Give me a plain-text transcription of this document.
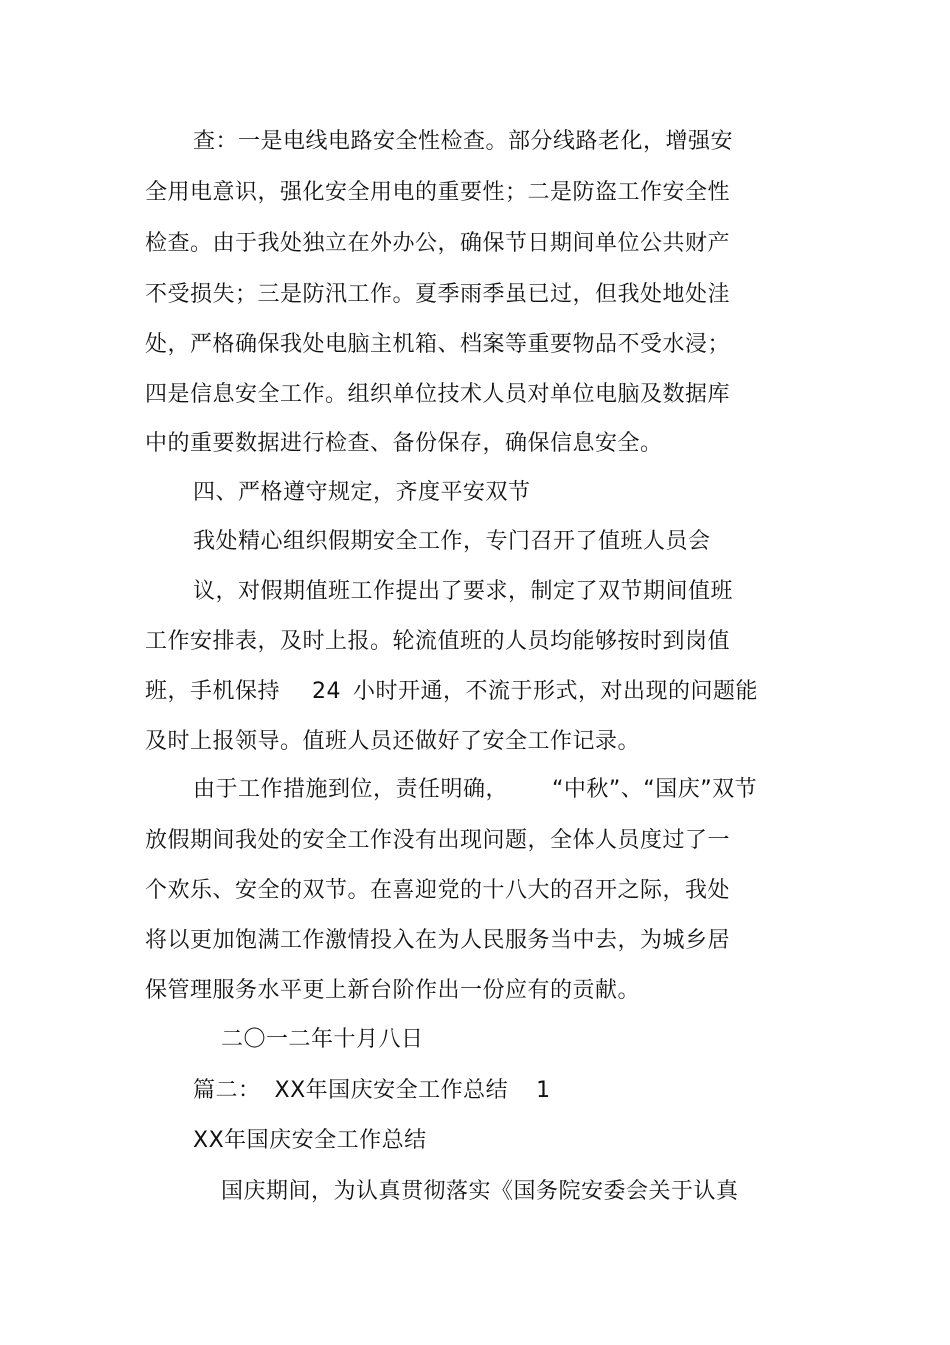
查：一是电线电路安全性检查。部分线路老化，增强安
全用电意识，强化安全用电的重要性；二是防盗工作安全性
检查。由于我处独立在外办公，确保节日期间单位公共财产
不受损失；三是防汛工作。夏季雨季虽已过，但我处地处洼
处，严格确保我处电脑主机箱、档案等重要物品不受水浸；
四是信息安全工作。组织单位技术人员对单位电脑及数据库
中的重要数据进行检查、备份保存，确保信息安全。
四、严格遵守规定，齐度平安双节
我处精心组织假期安全工作，专门召开了值班人员会
议，对假期值班工作提出了要求，制定了双节期间值班
工作安排表，及时上报。轮流值班的人员均能够按时到岗值
班，手机保持 24 小时开通，不流于形式，对出现的问题能
及时上报领导。值班人员还做好了安全工作记录。
由于工作措施到位，责任明确， “中秋”、“国庆”双节
放假期间我处的安全工作没有出现问题，全体人员度过了一
个欢乐、安全的双节。在喜迎党的十八大的召开之际，我处
将以更加饱满工作激情投入在为人民服务当中去，为城乡居
保管理服务水平更上新台阶作出一份应有的贡献。
二〇一二年十月八日
篇二： XX年国庆安全工作总结 1
XX年国庆安全工作总结
国庆期间，为认真贯彻落实《国务院安委会关于认真
